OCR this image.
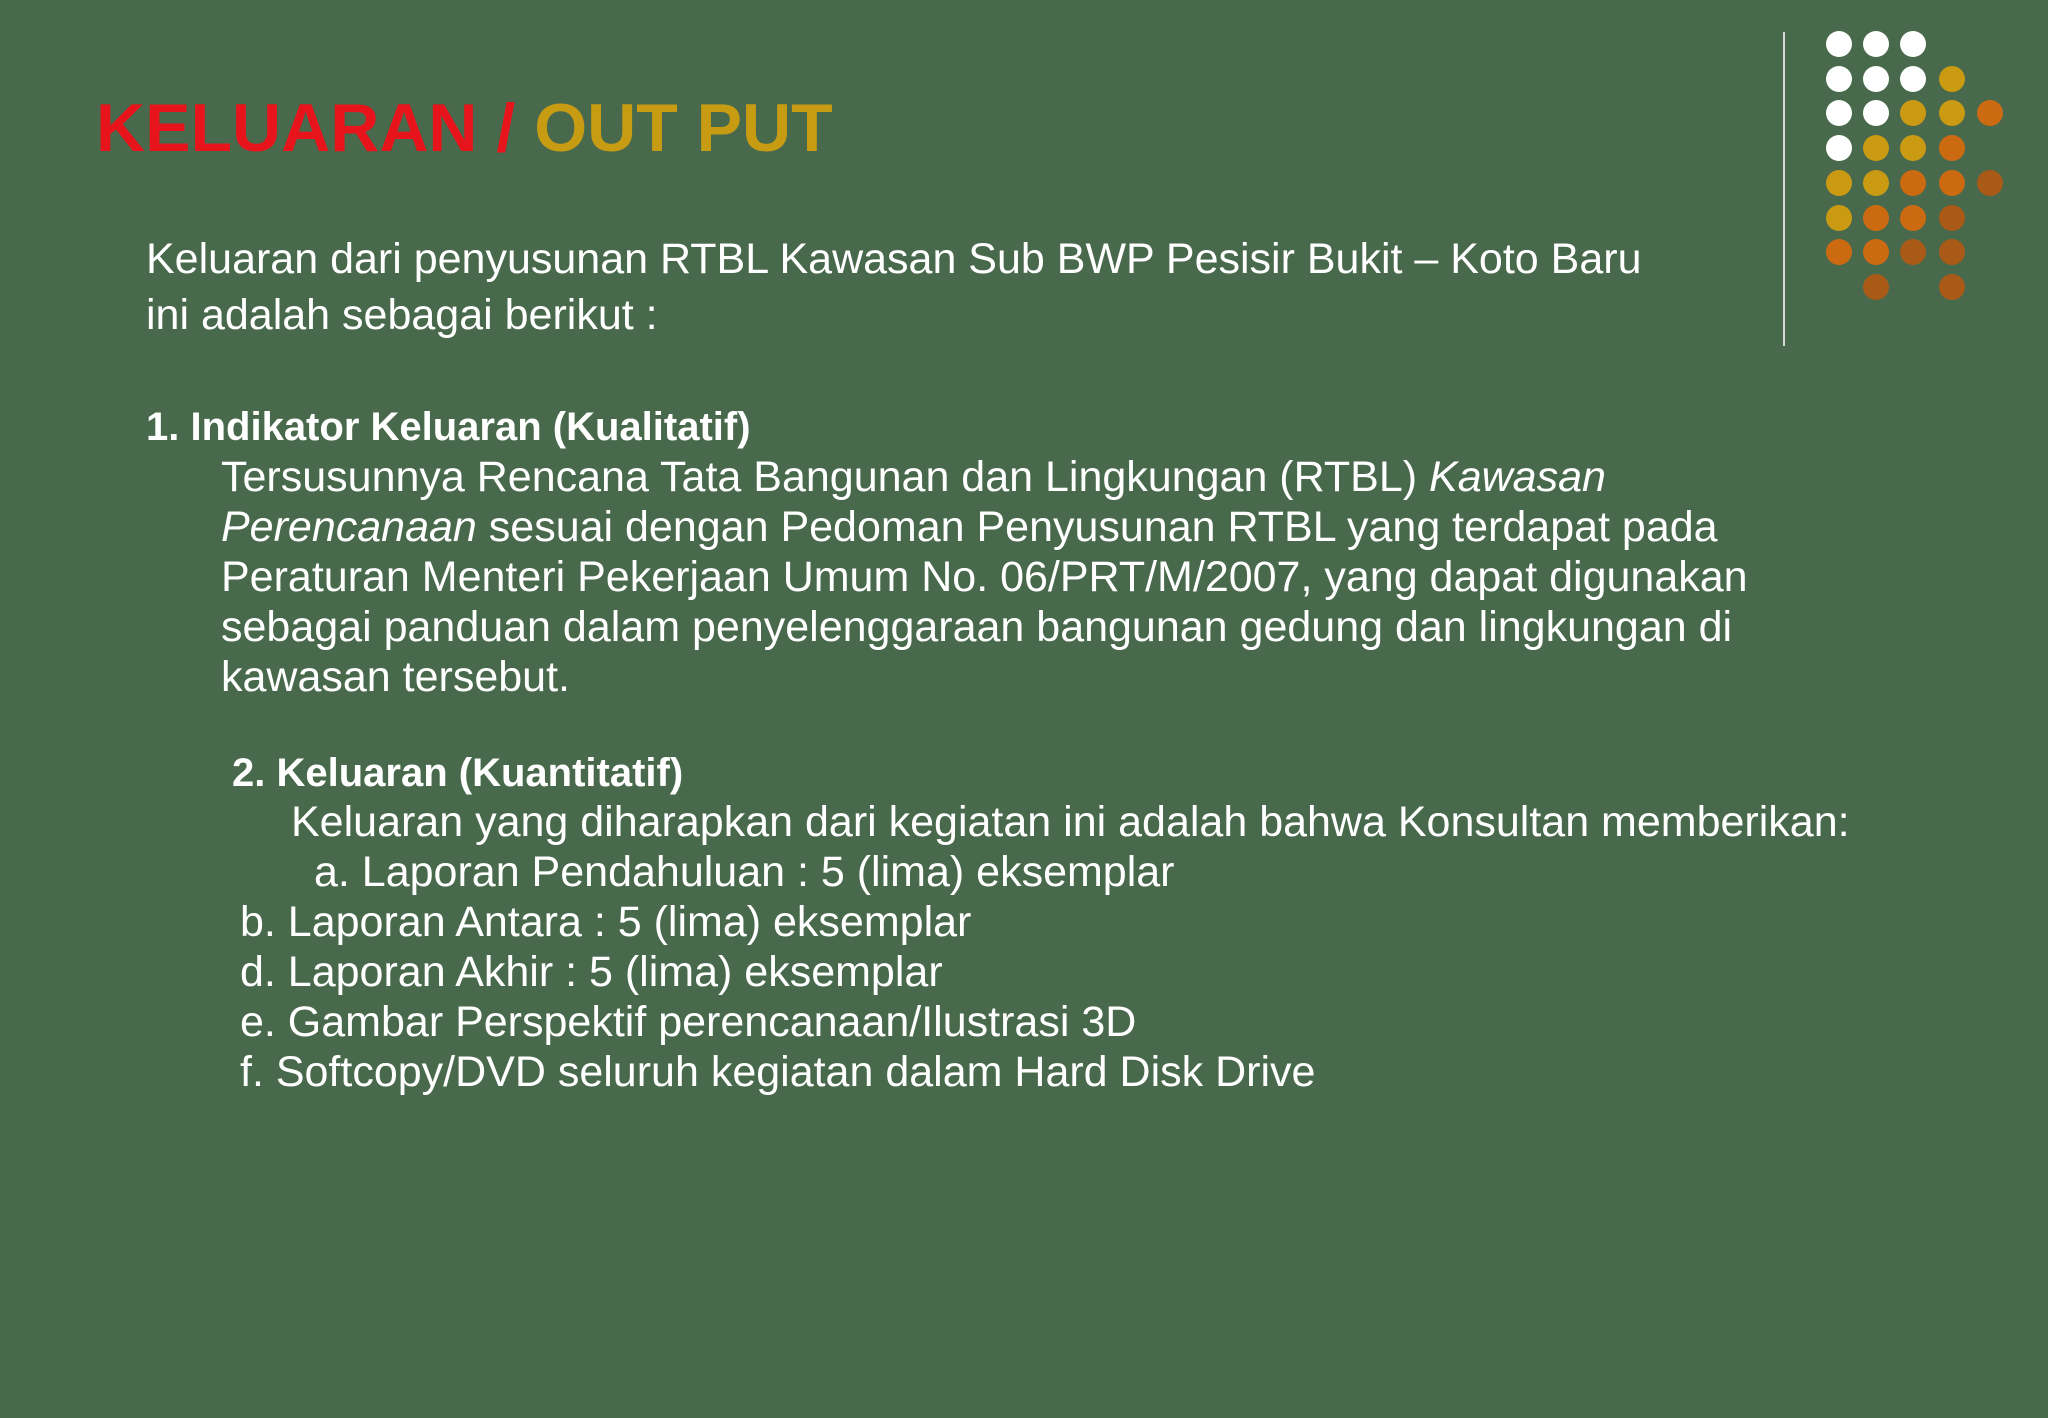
KELUARAN / OUT PUT

Keluaran dari penyusunan RTBL Kawasan Sub BWP Pesisir Bukit – Koto Baru

ini adalah sebagai berikut :

1. Indikator Keluaran (Kualitatif)

Tersusunnya Rencana Tata Bangunan dan Lingkungan (RTBL) Kawasan

Perencanaan sesuai dengan Pedoman Penyusunan RTBL yang terdapat pada

Peraturan Menteri Pekerjaan Umum No. 06/PRT/M/2007, yang dapat digunakan

sebagai panduan dalam penyelenggaraan bangunan gedung dan lingkungan di

kawasan tersebut.

2. Keluaran (Kuantitatif)

Keluaran yang diharapkan dari kegiatan ini adalah bahwa Konsultan memberikan:

a. Laporan Pendahuluan : 5 (lima) eksemplar

b. Laporan Antara : 5 (lima) eksemplar

d. Laporan Akhir : 5 (lima) eksemplar

e. Gambar Perspektif perencanaan/Ilustrasi 3D

f. Softcopy/DVD seluruh kegiatan dalam Hard Disk Drive
